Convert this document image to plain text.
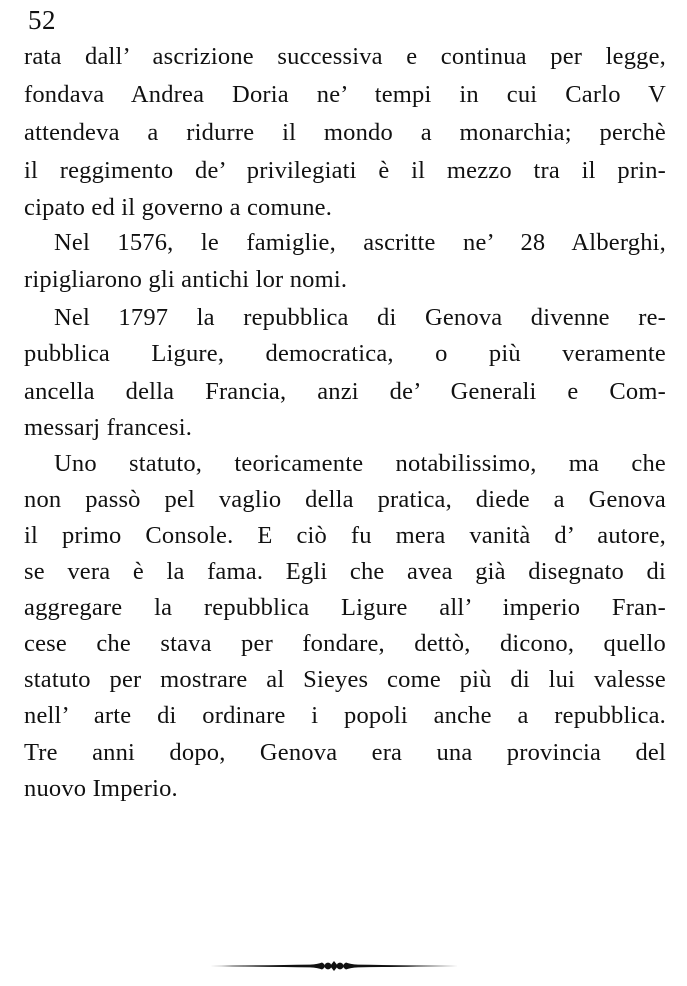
52
rata dall’ ascrizione successiva e continua per legge,
fondava Andrea Doria ne’ tempi in cui Carlo V
attendeva a ridurre il mondo a monarchia; perchè
il reggimento de’ privilegiati è il mezzo tra il prin-
cipato ed il governo a comune.
Nel 1576, le famiglie, ascritte ne’ 28 Alberghi,
ripigliarono gli antichi lor nomi.
Nel 1797 la repubblica di Genova divenne re-
pubblica Ligure, democratica, o più veramente
ancella della Francia, anzi de’ Generali e Com-
messarj francesi.
Uno statuto, teoricamente notabilissimo, ma che
non passò pel vaglio della pratica, diede a Genova
il primo Console. E ciò fu mera vanità d’ autore,
se vera è la fama. Egli che avea già disegnato di
aggregare la repubblica Ligure all’ imperio Fran-
cese che stava per fondare, dettò, dicono, quello
statuto per mostrare al Sieyes come più di lui valesse
nell’ arte di ordinare i popoli anche a repubblica.
Tre anni dopo, Genova era una provincia del
nuovo Imperio.
